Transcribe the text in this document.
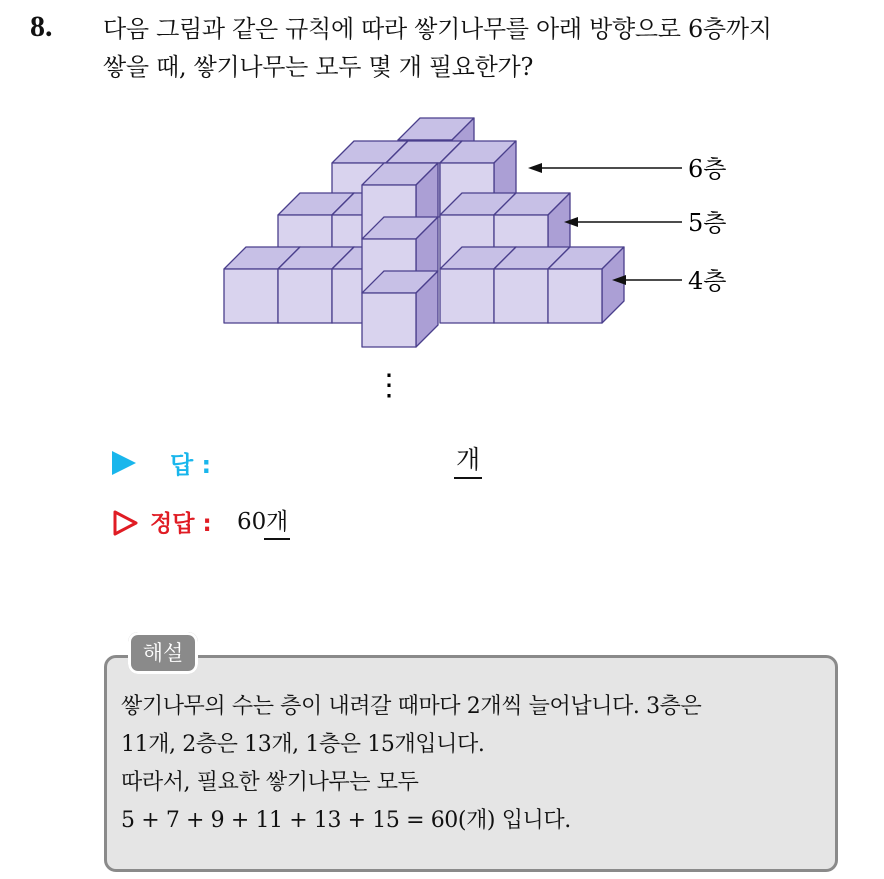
8. 다음 그림과 같은 규칙에 따라 쌓기나무를 아래 방향으로 6층까지
쌓을 때, 쌓기나무는 모두 몇 개 필요한가?
6층
5층
4층
⋮
답 :	개
정답 : 60 개
해설
쌓기나무의 수는 층이 내려갈 때마다 2개씩 늘어납니다. 3층은
11개, 2층은 13개, 1층은 15개입니다.
따라서, 필요한 쌓기나무는 모두
5 + 7 + 9 + 11 + 13 + 15 = 60(개) 입니다.
